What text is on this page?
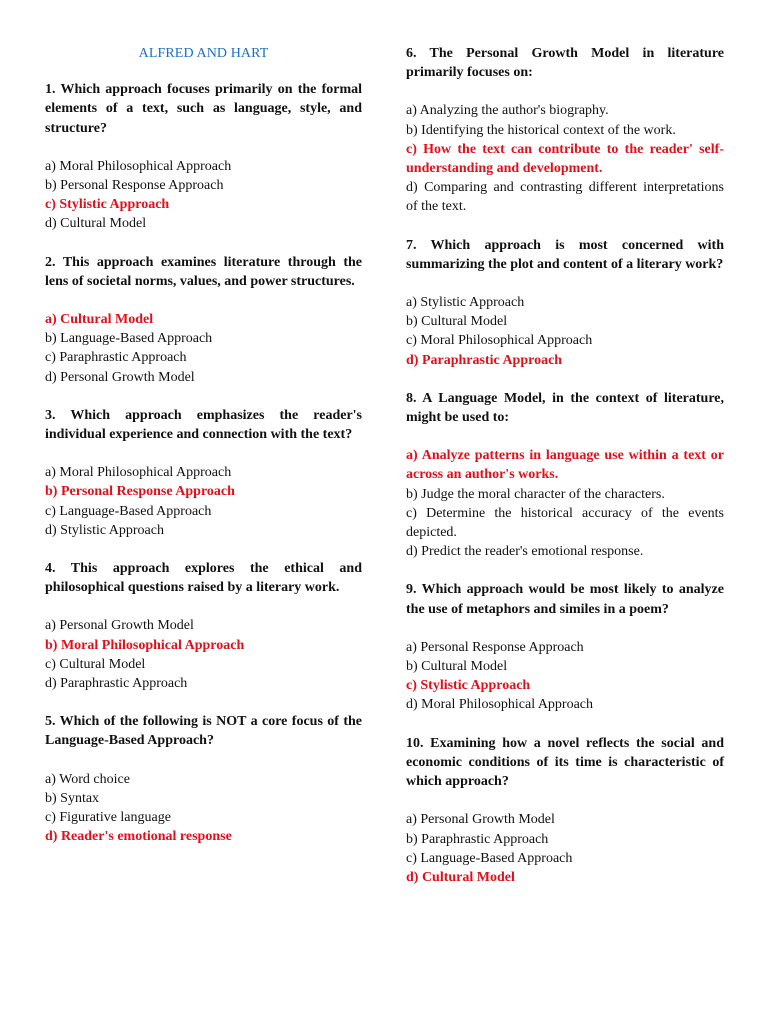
ALFRED AND HART
1. Which approach focuses primarily on the formal elements of a text, such as language, style, and structure?
a) Moral Philosophical Approach
b) Personal Response Approach
c) Stylistic Approach
d) Cultural Model
2. This approach examines literature through the lens of societal norms, values, and power structures.
a) Cultural Model
b) Language-Based Approach
c) Paraphrastic Approach
d) Personal Growth Model
3. Which approach emphasizes the reader's individual experience and connection with the text?
a) Moral Philosophical Approach
b) Personal Response Approach
c) Language-Based Approach
d) Stylistic Approach
4. This approach explores the ethical and philosophical questions raised by a literary work.
a) Personal Growth Model
b) Moral Philosophical Approach
c) Cultural Model
d) Paraphrastic Approach
5. Which of the following is NOT a core focus of the Language-Based Approach?
a) Word choice
b) Syntax
c) Figurative language
d) Reader's emotional response
6. The Personal Growth Model in literature primarily focuses on:
a) Analyzing the author's biography.
b) Identifying the historical context of the work.
c) How the text can contribute to the reader' self-understanding and development.
d) Comparing and contrasting different interpretations of the text.
7. Which approach is most concerned with summarizing the plot and content of a literary work?
a) Stylistic Approach
b) Cultural Model
c) Moral Philosophical Approach
d) Paraphrastic Approach
8. A Language Model, in the context of literature, might be used to:
a) Analyze patterns in language use within a text or across an author's works.
b) Judge the moral character of the characters.
c) Determine the historical accuracy of the events depicted.
d) Predict the reader's emotional response.
9. Which approach would be most likely to analyze the use of metaphors and similes in a poem?
a) Personal Response Approach
b) Cultural Model
c) Stylistic Approach
d) Moral Philosophical Approach
10. Examining how a novel reflects the social and economic conditions of its time is characteristic of which approach?
a) Personal Growth Model
b) Paraphrastic Approach
c) Language-Based Approach
d) Cultural Model
